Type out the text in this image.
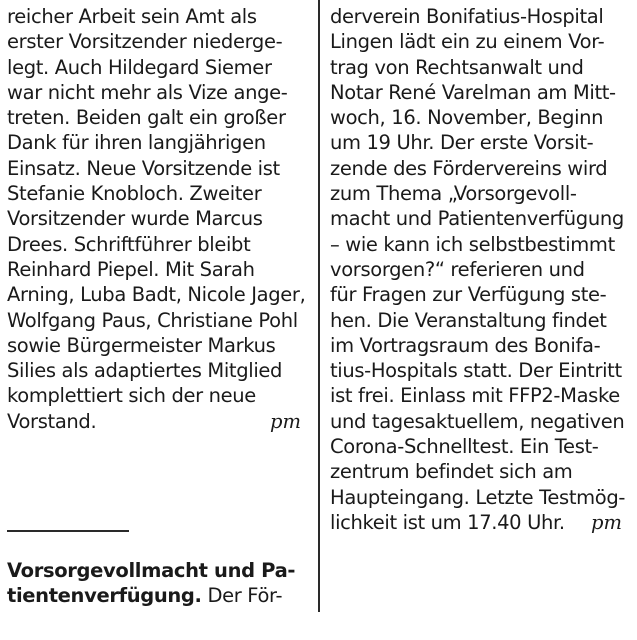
reicher Arbeit sein Amt als
erster Vorsitzender niederge-
legt. Auch Hildegard Siemer
war nicht mehr als Vize ange-
treten. Beiden galt ein großer
Dank für ihren langjährigen
Einsatz. Neue Vorsitzende ist
Stefanie Knobloch. Zweiter
Vorsitzender wurde Marcus
Drees. Schriftführer bleibt
Reinhard Piepel. Mit Sarah
Arning, Luba Badt, Nicole Jager,
Wolfgang Paus, Christiane Pohl
sowie Bürgermeister Markus
Silies als adaptiertes Mitglied
komplettiert sich der neue
Vorstand.	pm
Vorsorgevollmacht und Pa-
tientenverfügung. Der För-
derverein Bonifatius-Hospital
Lingen lädt ein zu einem Vor-
trag von Rechtsanwalt und
Notar René Varelman am Mitt-
woch, 16. November, Beginn
um 19 Uhr. Der erste Vorsit-
zende des Fördervereins wird
zum Thema „Vorsorgevoll-
macht und Patientenverfügung
– wie kann ich selbstbestimmt
vorsorgen?“ referieren und
für Fragen zur Verfügung ste-
hen. Die Veranstaltung findet
im Vortragsraum des Bonifa-
tius-Hospitals statt. Der Eintritt
ist frei. Einlass mit FFP2-Maske
und tagesaktuellem, negativen
Corona-Schnelltest. Ein Test-
zentrum befindet sich am
Haupteingang. Letzte Testmög-
lichkeit ist um 17.40 Uhr. pm
